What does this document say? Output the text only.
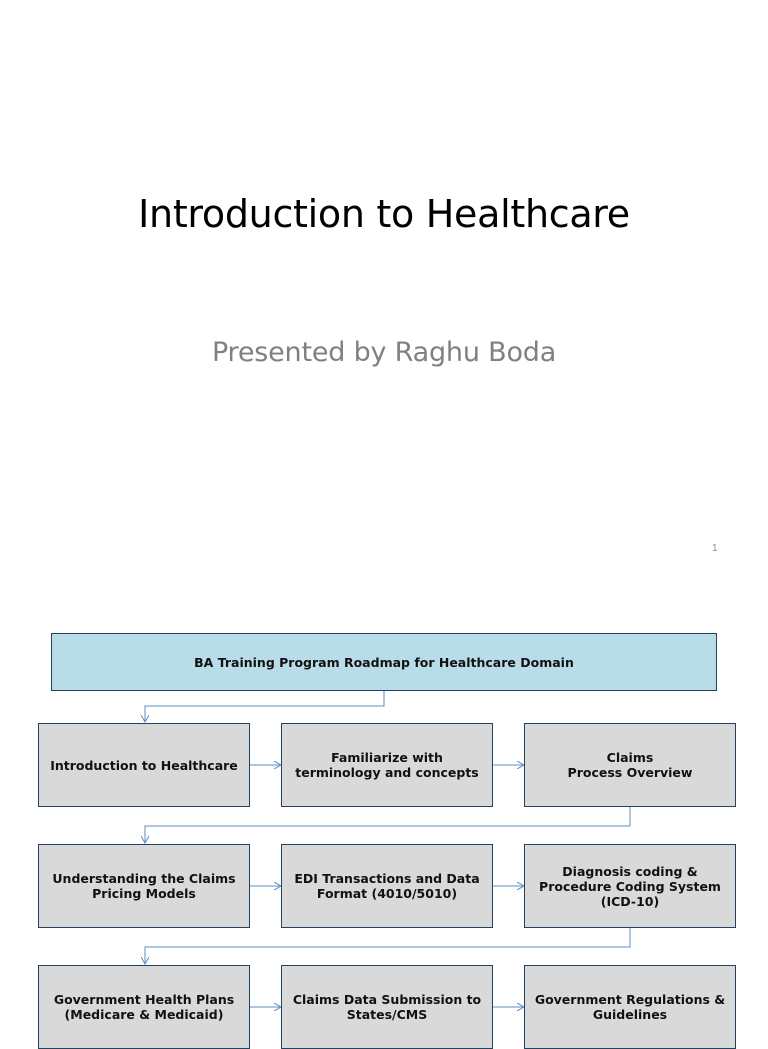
Introduction to Healthcare
Presented by Raghu Boda
1
BA Training Program Roadmap for Healthcare Domain
Introduction to Healthcare	Familiarize with
terminology and concepts
Claims
Process Overview
Understanding the Claims
Pricing Models
EDI Transactions and Data
Format (4010/5010)
Diagnosis coding &
Procedure Coding System
(ICD-10)
Government Health Plans
(Medicare & Medicaid)
Claims Data Submission to
States/CMS
Government Regulations &
Guidelines
